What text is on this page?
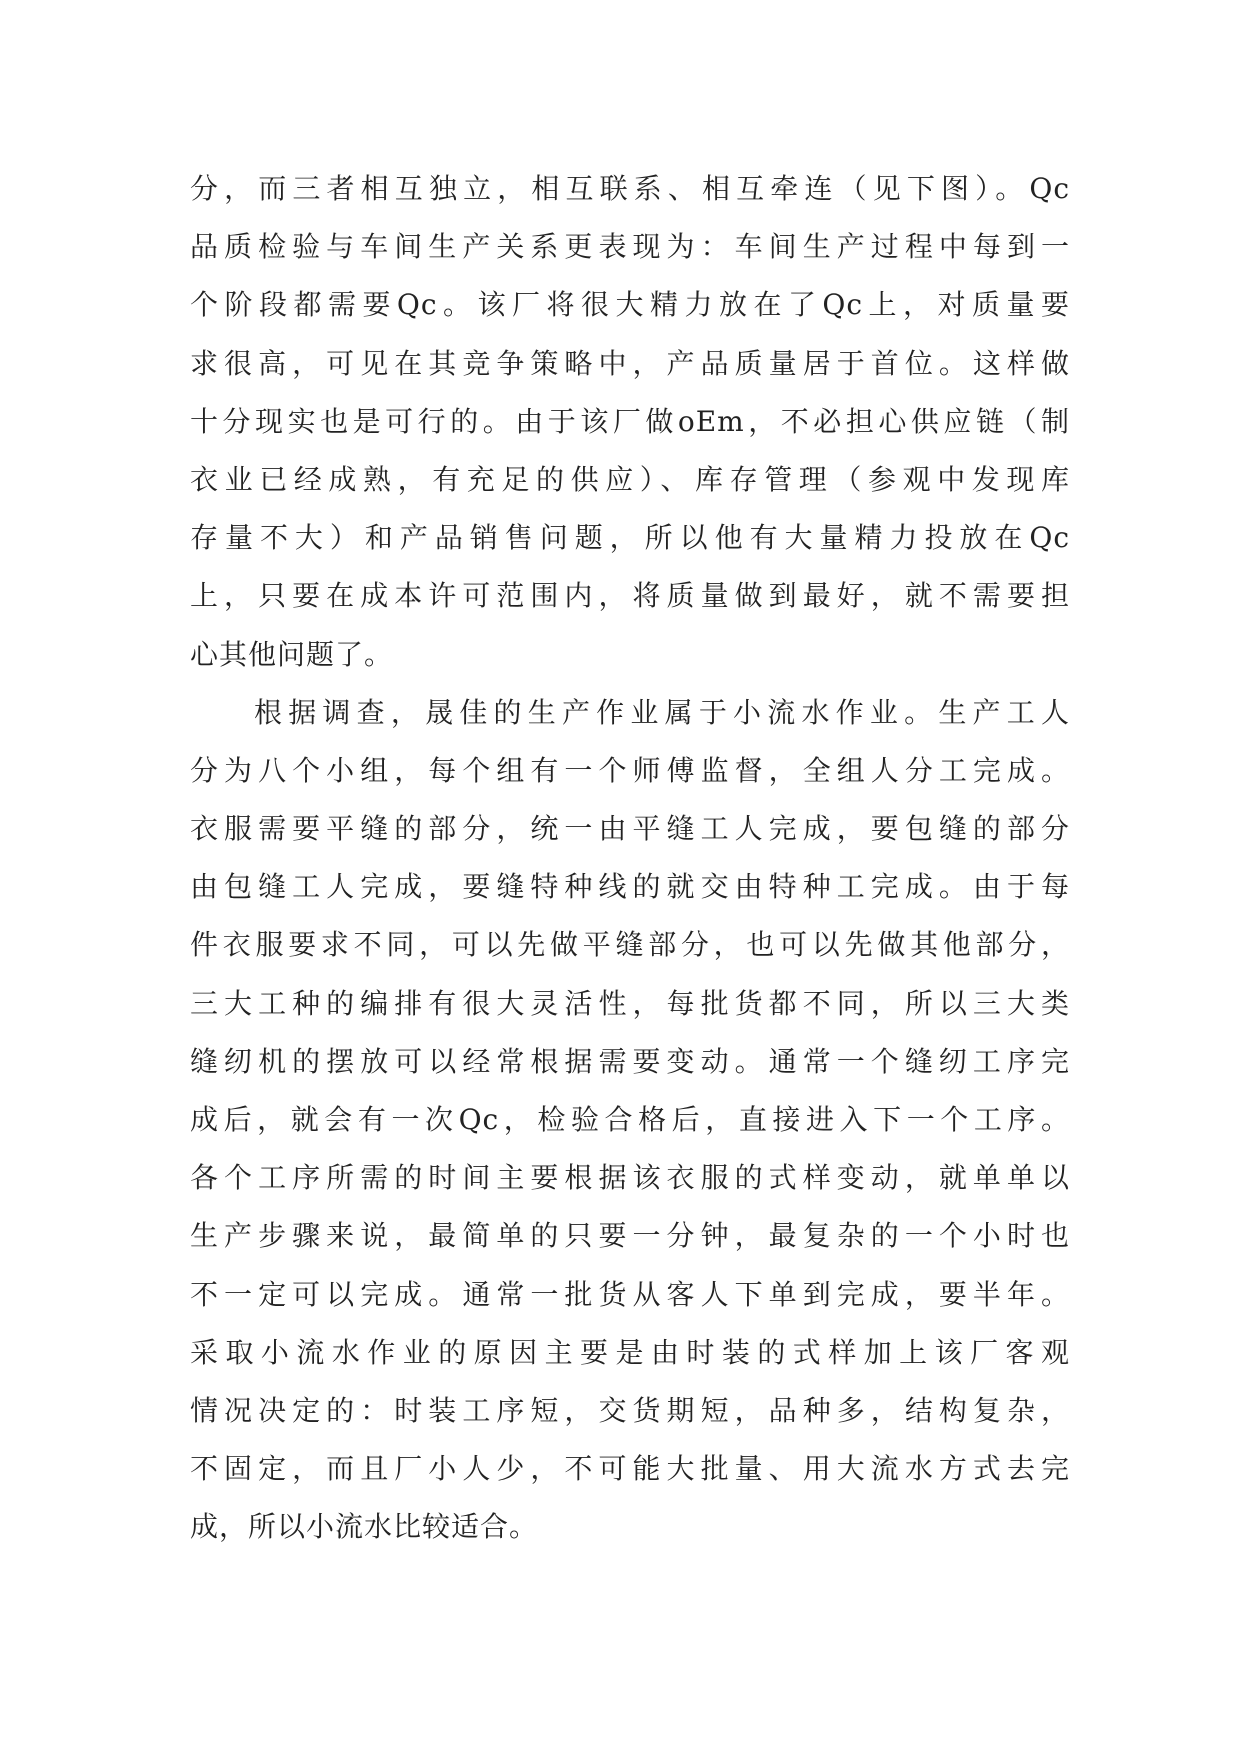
分，而三者相互独立，相互联系、相互牵连（见下图）。Qc
品质检验与车间生产关系更表现为：车间生产过程中每到一
个阶段都需要Qc。该厂将很大精力放在了Qc上，对质量要
求很高，可见在其竞争策略中，产品质量居于首位。这样做
十分现实也是可行的。由于该厂做oEm，不必担心供应链（制
衣业已经成熟，有充足的供应）、库存管理（参观中发现库
存量不大）和产品销售问题，所以他有大量精力投放在Qc
上，只要在成本许可范围内，将质量做到最好，就不需要担
心其他问题了。
根据调查，晟佳的生产作业属于小流水作业。生产工人
分为八个小组，每个组有一个师傅监督，全组人分工完成。
衣服需要平缝的部分，统一由平缝工人完成，要包缝的部分
由包缝工人完成，要缝特种线的就交由特种工完成。由于每
件衣服要求不同，可以先做平缝部分，也可以先做其他部分，
三大工种的编排有很大灵活性，每批货都不同，所以三大类
缝纫机的摆放可以经常根据需要变动。通常一个缝纫工序完
成后，就会有一次Qc，检验合格后，直接进入下一个工序。
各个工序所需的时间主要根据该衣服的式样变动，就单单以
生产步骤来说，最简单的只要一分钟，最复杂的一个小时也
不一定可以完成。通常一批货从客人下单到完成，要半年。
采取小流水作业的原因主要是由时装的式样加上该厂客观
情况决定的：时装工序短，交货期短，品种多，结构复杂，
不固定，而且厂小人少，不可能大批量、用大流水方式去完
成，所以小流水比较适合。
